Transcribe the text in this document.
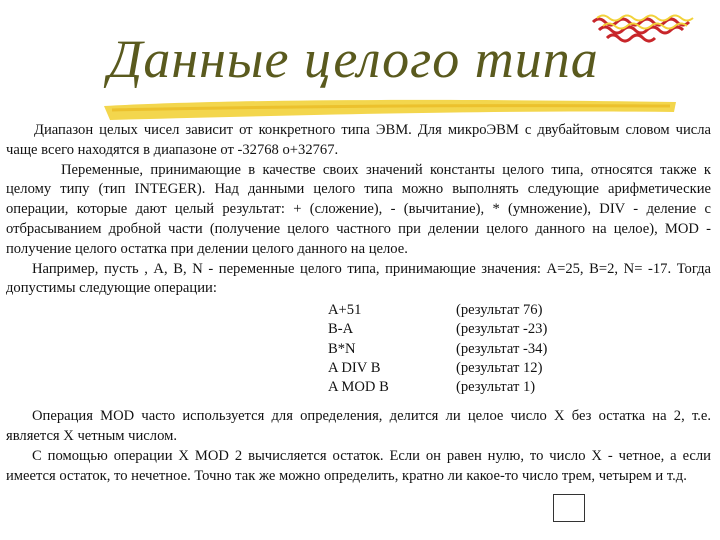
Данные целого типа

Диапазон целых чисел зависит от конкретного типа ЭВМ. Для микроЭВМ с двубайтовым словом числа чаще всего находятся в диапазоне от -32768 о+32767.

Переменные, принимающие в качестве своих значений константы целого типа, относятся также к целому типу (тип INTEGER). Над данными целого типа можно выполнять следующие арифметические операции, которые дают целый результат: + (сложение), - (вычитание), * (умножение), DIV - деление с отбрасыванием дробной части (получение целого частного при делении целого данного на целое), MOD - получение целого остатка при делении целого данного на целое.

Например, пусть , A, B, N - переменные целого типа, принимающие значения: A=25, B=2, N= -17. Тогда допустимы следующие операции:

A+51	(результат 76)
B-A	(результат -23)
B*N	(результат -34)
A DIV B	(результат 12)
A MOD B	(результат 1)

Операция MOD часто используется для определения, делится ли целое число X без остатка на 2, т.е. является X четным числом.

С помощью операции X MOD 2 вычисляется остаток. Если он равен нулю, то число X - четное, а если имеется остаток, то нечетное. Точно так же можно определить, кратно ли какое-то число трем, четырем и т.д.
